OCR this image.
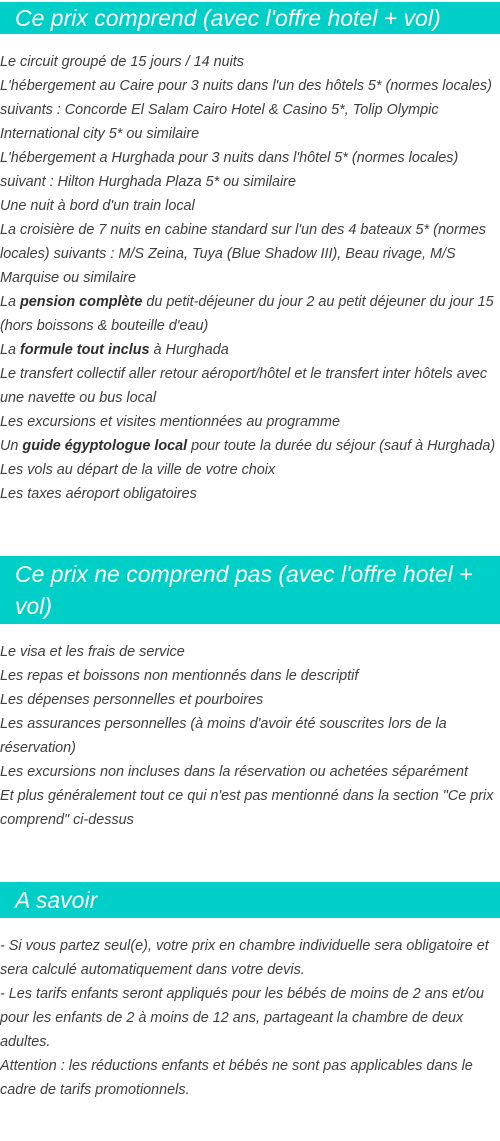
Ce prix comprend (avec l'offre hotel + vol)
Le circuit groupé de 15 jours / 14 nuits
L'hébergement au Caire pour 3 nuits dans l'un des hôtels 5* (normes locales) suivants : Concorde El Salam Cairo Hotel & Casino 5*, Tolip Olympic International city 5* ou similaire
L'hébergement a Hurghada pour 3 nuits dans l'hôtel 5* (normes locales) suivant : Hilton Hurghada Plaza 5* ou similaire
Une nuit à bord d'un train local
La croisière de 7 nuits en cabine standard sur l'un des 4 bateaux 5* (normes locales) suivants : M/S Zeina, Tuya (Blue Shadow III), Beau rivage, M/S Marquise ou similaire
La pension complète du petit-déjeuner du jour 2 au petit déjeuner du jour 15 (hors boissons & bouteille d'eau)
La formule tout inclus à Hurghada
Le transfert collectif aller retour aéroport/hôtel et le transfert inter hôtels avec une navette ou bus local
Les excursions et visites mentionnées au programme
Un guide égyptologue local pour toute la durée du séjour (sauf à Hurghada)
Les vols au départ de la ville de votre choix
Les taxes aéroport obligatoires
Ce prix ne comprend pas (avec l'offre hotel + vol)
Le visa et les frais de service
Les repas et boissons non mentionnés dans le descriptif
Les dépenses personnelles et pourboires
Les assurances personnelles (à moins d'avoir été souscrites lors de la réservation)
Les excursions non incluses dans la réservation ou achetées séparément
Et plus généralement tout ce qui n'est pas mentionné dans la section "Ce prix comprend" ci-dessus
A savoir
- Si vous partez seul(e), votre prix en chambre individuelle sera obligatoire et sera calculé automatiquement dans votre devis.
- Les tarifs enfants seront appliqués pour les bébés de moins de 2 ans et/ou pour les enfants de 2 à moins de 12 ans, partageant la chambre de deux adultes.
Attention : les réductions enfants et bébés ne sont pas applicables dans le cadre de tarifs promotionnels.
